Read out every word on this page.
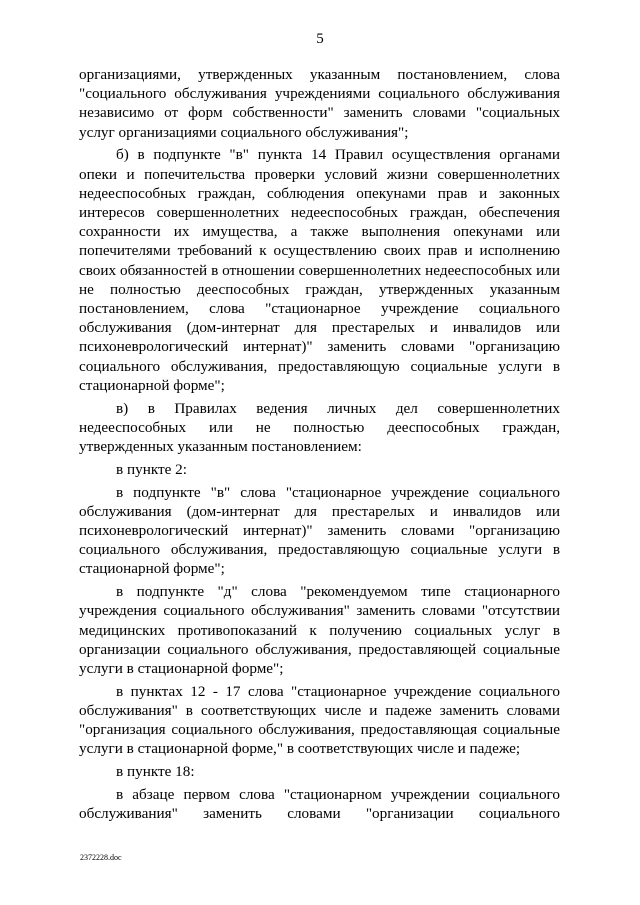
5

организациями, утвержденных указанным постановлением, слова "социального обслуживания учреждениями социального обслуживания независимо от форм собственности" заменить словами "социальных услуг организациями социального обслуживания";

б) в подпункте "в" пункта 14 Правил осуществления органами опеки и попечительства проверки условий жизни совершеннолетних недееспособных граждан, соблюдения опекунами прав и законных интересов совершеннолетних недееспособных граждан, обеспечения сохранности их имущества, а также выполнения опекунами или попечителями требований к осуществлению своих прав и исполнению своих обязанностей в отношении совершеннолетних недееспособных или не полностью дееспособных граждан, утвержденных указанным постановлением, слова "стационарное учреждение социального обслуживания (дом-интернат для престарелых и инвалидов или психоневрологический интернат)" заменить словами "организацию социального обслуживания, предоставляющую социальные услуги в стационарной форме";

в) в Правилах ведения личных дел совершеннолетних недееспособных или не полностью дееспособных граждан, утвержденных указанным постановлением:

в пункте 2:

в подпункте "в" слова "стационарное учреждение социального обслуживания (дом-интернат для престарелых и инвалидов или психоневрологический интернат)" заменить словами "организацию социального обслуживания, предоставляющую социальные услуги в стационарной форме";

в подпункте "д" слова "рекомендуемом типе стационарного учреждения социального обслуживания" заменить словами "отсутствии медицинских противопоказаний к получению социальных услуг в организации социального обслуживания, предоставляющей социальные услуги в стационарной форме";

в пунктах 12 - 17 слова "стационарное учреждение социального обслуживания" в соответствующих числе и падеже заменить словами "организация социального обслуживания, предоставляющая социальные услуги в стационарной форме," в соответствующих числе и падеже;

в пункте 18:

в абзаце первом слова "стационарном учреждении социального обслуживания" заменить словами "организации социального

2372228.doc
